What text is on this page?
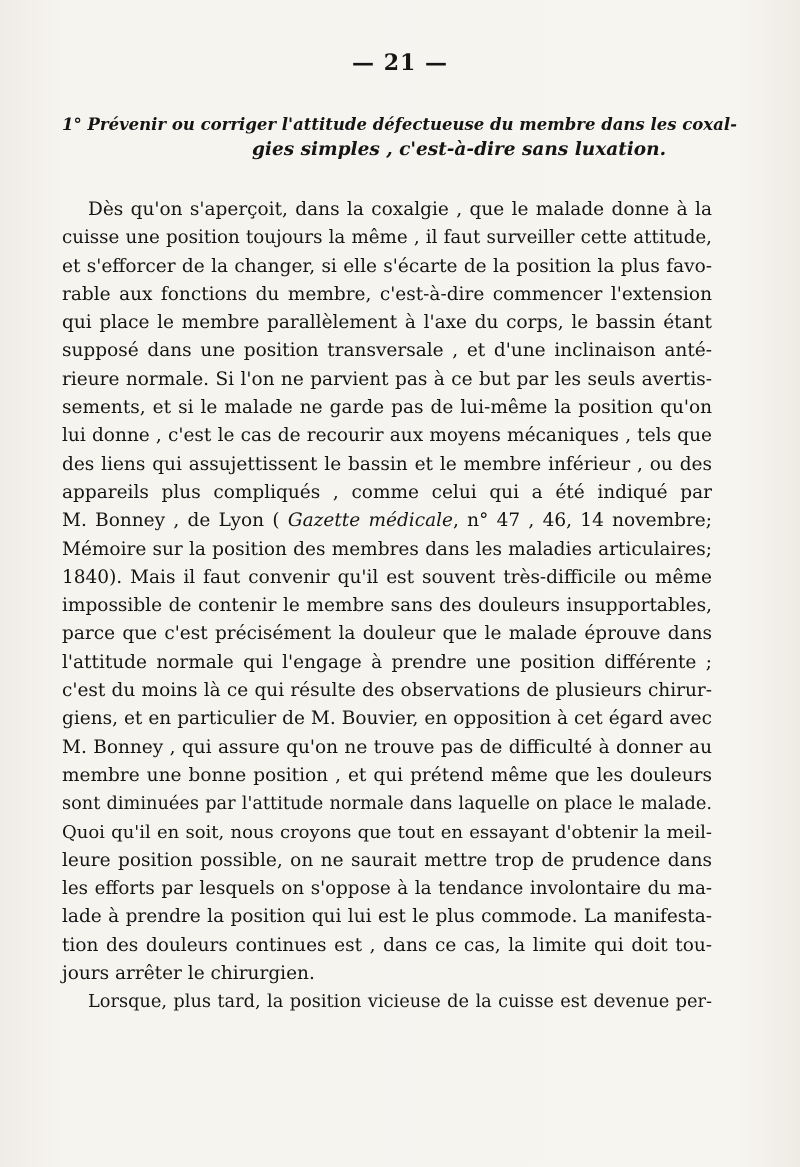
— 21 —
1° Prévenir ou corriger l'attitude défectueuse du membre dans les coxal-
gies simples , c'est-à-dire sans luxation.
Dès qu'on s'aperçoit, dans la coxalgie , que le malade donne à la
cuisse une position toujours la même , il faut surveiller cette attitude,
et s'efforcer de la changer, si elle s'écarte de la position la plus favo-
rable aux fonctions du membre, c'est-à-dire commencer l'extension
qui place le membre parallèlement à l'axe du corps, le bassin étant
supposé dans une position transversale , et d'une inclinaison anté-
rieure normale. Si l'on ne parvient pas à ce but par les seuls avertis-
sements, et si le malade ne garde pas de lui-même la position qu'on
lui donne , c'est le cas de recourir aux moyens mécaniques , tels que
des liens qui assujettissent le bassin et le membre inférieur , ou des
appareils plus compliqués , comme celui qui a été indiqué par
M. Bonney , de Lyon ( Gazette médicale, n° 47 , 46, 14 novembre;
Mémoire sur la position des membres dans les maladies articulaires;
1840). Mais il faut convenir qu'il est souvent très-difficile ou même
impossible de contenir le membre sans des douleurs insupportables,
parce que c'est précisément la douleur que le malade éprouve dans
l'attitude normale qui l'engage à prendre une position différente ;
c'est du moins là ce qui résulte des observations de plusieurs chirur-
giens, et en particulier de M. Bouvier, en opposition à cet égard avec
M. Bonney , qui assure qu'on ne trouve pas de difficulté à donner au
membre une bonne position , et qui prétend même que les douleurs
sont diminuées par l'attitude normale dans laquelle on place le malade.
Quoi qu'il en soit, nous croyons que tout en essayant d'obtenir la meil-
leure position possible, on ne saurait mettre trop de prudence dans
les efforts par lesquels on s'oppose à la tendance involontaire du ma-
lade à prendre la position qui lui est le plus commode. La manifesta-
tion des douleurs continues est , dans ce cas, la limite qui doit tou-
jours arrêter le chirurgien.
Lorsque, plus tard, la position vicieuse de la cuisse est devenue per-
